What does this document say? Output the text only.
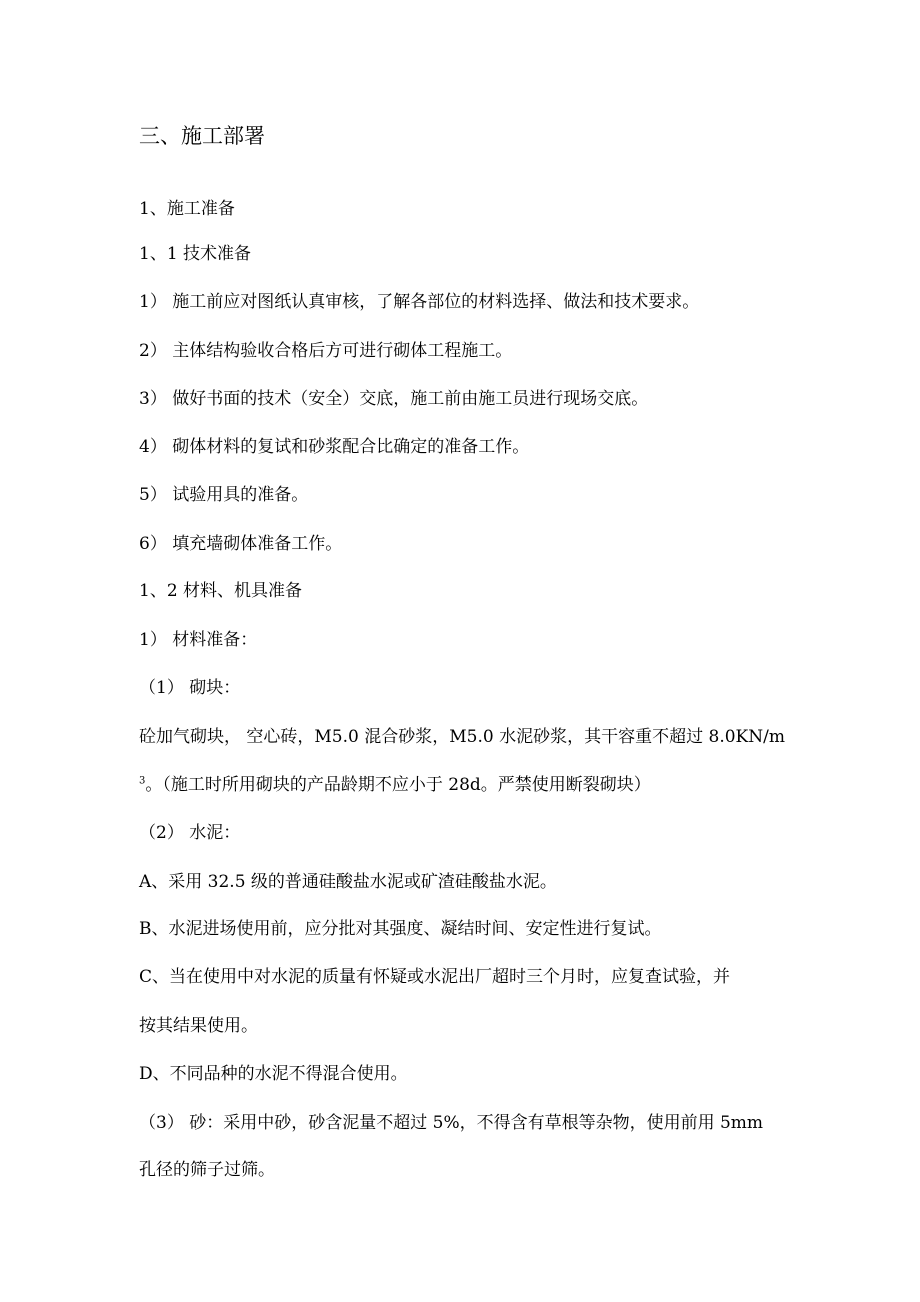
三、施工部署
1、施工准备
1、1 技术准备
1） 施工前应对图纸认真审核，了解各部位的材料选择、做法和技术要求。
2） 主体结构验收合格后方可进行砌体工程施工。
3） 做好书面的技术（安全）交底，施工前由施工员进行现场交底。
4） 砌体材料的复试和砂浆配合比确定的准备工作。
5） 试验用具的准备。
6） 填充墙砌体准备工作。
1、2 材料、机具准备
1） 材料准备：
（1） 砌块：
砼加气砌块， 空心砖，M5.0 混合砂浆，M5.0 水泥砂浆，其干容重不超过 8.0KN/m
$^3$。（施工时所用砌块的产品龄期不应小于 28d。严禁使用断裂砌块）
（2） 水泥：
A、采用 32.5 级的普通硅酸盐水泥或矿渣硅酸盐水泥。
B、水泥进场使用前，应分批对其强度、凝结时间、安定性进行复试。
C、当在使用中对水泥的质量有怀疑或水泥出厂超时三个月时，应复查试验，并
按其结果使用。
D、不同品种的水泥不得混合使用。
（3） 砂：采用中砂，砂含泥量不超过 5%，不得含有草根等杂物，使用前用 5mm
孔径的筛子过筛。
